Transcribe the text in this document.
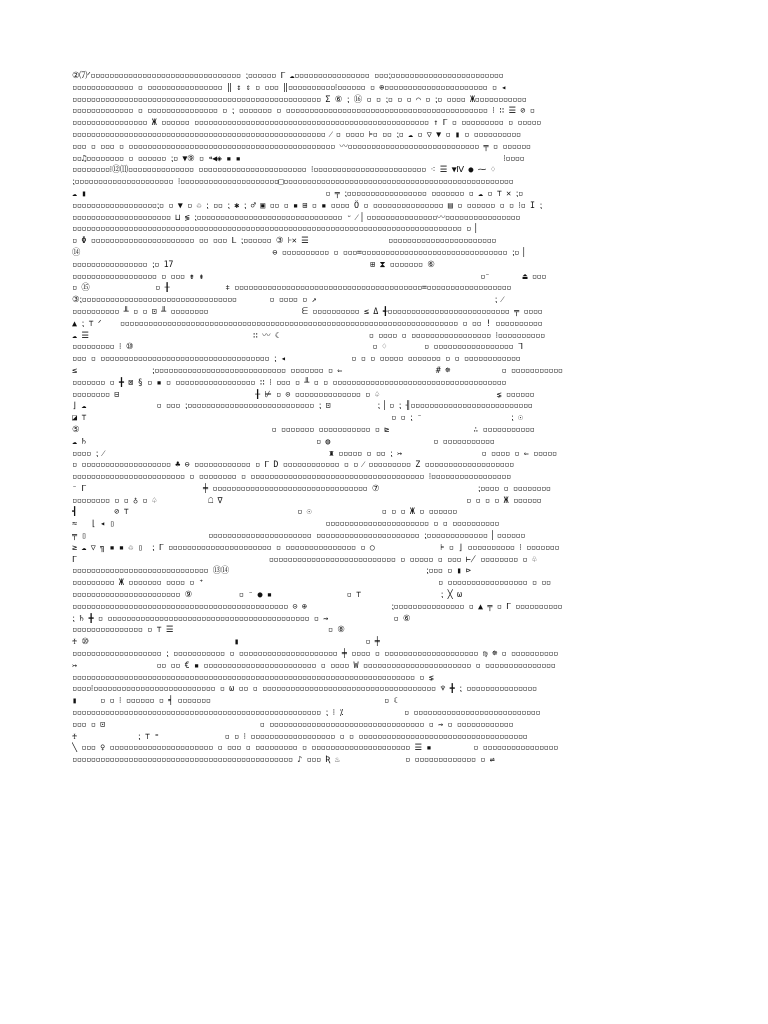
②⑺ᐟ▫▫▫▫▫▫▫▫▫▫▫▫▫▫▫▫▫▫▫▫▫▫▫▫▫▫▫▫▫▫▫▫ ⁏▫▫▫▫▫▫ ᒥ ☁▫▫▫▫▫▫▫▫▫▫▫▫▫▫▫▫ ▫▫▫⁏▫▫▫▫▫▫▫▫▫▫▫▫▫▫▫▫▫▫▫▫▫▫▫▫
▫▫▫▫▫▫▫▫▫▫▫▫▫ ▫ ▫▫▫▫▫▫▫▫▫▫▫▫▫▫▫▫ ‖ ↕ ⇕ ▫ ▫▫▫ ‖▫▫▫▫▫▫▫▫▫▫⁝▫▫▫▫▫▫ ▫ ⊕▫▫▫▫▫▫▫▫▫▫▫▫▫▫▫▫▫▫▫▫▫▫ ▫ ◂
▫▫▫▫▫▫▫▫▫▫▫▫▫▫▫▫▫▫▫▫▫▫▫▫▫▫▫▫▫▫▫▫▫▫▫▫▫▫▫▫▫▫▫▫▫▫▫▫▫▫▫▫▫ Σ ⑥ ⁏ ⑯ ▫ ▫ ⁏▫ ▫ ▫ ⌒ ▫ ⁏▫ ▫▫▫▫ Ж▫▫▫▫▫▫▫▫▫▫▫
▫▫▫▫▫▫▫▫▫▫▫▫▫ ▫ ▫▫▫▫▫▫▫▫▫▫▫▫▫▫▫ ▫ ⁏ ▫▫▫▫▫▫▫ ▫ ▫▫▫▫▫▫▫▫▫▫▫▫▫▫▫▫▫▫▫▫▫▫▫▫▫▫▫▫▫▫▫▫▫▫▫▫▫▫▫▫▫▫▫ ⁝ ∷ ☰ ⊘ ▫
▫▫▫▫▫▫▫▫▫▫▫▫▫▫▫▫ Ж ▫▫▫▫▫▫ ▫▫▫▫▫▫▫▫▫▫▫▫▫▫▫▫▫▫▫▫▫▫▫▫▫▫▫▫▫▫▫▫▫▫▫▫▫▫▫▫▫▫▫▫▫▫▫▫▫▫ ↑ ᒥ ▫ ▫▫▫▫▫▫▫▫▫ ▫ ▫▫▫▫▫
▫▫▫▫▫▫▫▫▫▫▫▫▫▫▫▫▫▫▫▫▫▫▫▫▫▫▫▫▫▫▫▫▫▫▫▫▫▫▫▫▫▫▫▫▫▫▫▫▫▫▫▫▫▫ ⁄ ▫ ▫▫▫▫ ⊧▫ ▫▫ ⁏▫ ☁ ▫ ▽ ▼ ▫ ▮ ▫ ▫▫▫▫▫▫▫▫▫▫
▫▫▫ ▫ ▫▫▫ ▫ ▫▫▫▫▫▫▫▫▫▫▫▫▫▫▫▫▫▫▫▫▫▫▫▫▫▫▫▫▫▫▫▫▫▫▫▫▫▫▫▫▫▫▫▫ 〰▫▫▫▫▫▫▫▫▫▫▫▫▫▫▫▫▫▫▫▫▫▫▫▫▫▫▫▫ ╤ ▫ ▫▫▫▫▫▫
▫▫♫▫▫▫▫▫▫▫▫ ▫ ▫▫▫▫▫▫ ⁏▫ ▼⑨ ▫ ⁌◀◈ ▪ ▪                                                        ⁝▫▫▫▫
▫▫▫▫▫▫▫▫⁝⑫⑾▫▫▫▫▫▫▫▫▫▫▫▫▫▫ ▫▫▫▫▫▫▫▫▫▫▫▫▫▫▫▫▫▫▫▫▫▫▫ ⁝▫▫▫▫▫▫▫▫▫▫▫▫▫▫▫▫▫▫▫▫▫▫▫▫ ⁖ ☰ ▼Ⅳ ● ⁓ ♢
⁏▫▫▫▫▫▫▫▫▫▫▫▫▫▫▫▫▫▫▫▫▫ ⁝▫▫▫▫▫▫▫▫▫▫▫▫▫▫▫▫▫▫▫▫▫□▫▫▫▫▫▫▫▫▫▫▫▫▫▫▫▫▫▫▫▫▫▫▫▫▫▫▫▫▫▫▫▫▫▫▫▫▫▫▫▫▫▫▫▫▫▫▫▫▫
☁ ▮                                                   ▫ ╤ ⁏▫▫▫▫▫▫▫▫▫▫▫▫▫▫▫▫▫ ▫▫▫▫▫▫▫ ▫ ☁ ▫ ⊤ ✕ ⁏▫
▫▫▫▫▫▫▫▫▫▫▫▫▫▫▫▫▫▫⁏▫ ▫ ▼ ▫ ♲ ⁏ ▫▫ ⁏ ✱ ⁏ ♂ ▣ ▫▫ ▫ ▪ ⊞ ▫ ▪ ▫▫▫▫ Ö ▫ ▫▫▫▫▫▫▫▫▫▫▫▫▫▫▫ ▤ ▫ ▫▫▫▫▫▫ ▫ ▫ ⁝▫ I ⁏
▫▫▫▫▫▫▫▫▫▫▫▫▫▫▫▫▫▫▫▫▫ ⊔ ≶ ⁏▫▫▫▫▫▫▫▫▫▫▫▫▫▫▫▫▫▫▫▫▫▫▫▫▫▫▫▫▫▫▫ ᵕ ⁄ ▏▫▫▫▫▫▫▫▫▫▫▫▫▫▫▫〰▫▫▫▫▫▫▫▫▫▫▫▫▫▫▫▫
▫▫▫▫▫▫▫▫▫▫▫▫▫▫▫▫▫▫▫▫▫▫▫▫▫▫▫▫▫▫▫▫▫▫▫▫▫▫▫▫▫▫▫▫▫▫▫▫▫▫▫▫▫▫▫▫▫▫▫▫▫▫▫▫▫▫▫▫▫▫▫▫▫▫▫▫▫▫▫▫▫▫▫ ▫ ▏
▫ Φ ▫▫▫▫▫▫▫▫▫▫▫▫▫▫▫▫▫▫▫▫▫▫ ▫▫ ▫▫▫ ᒪ ⁏▫▫▫▫▫▫ ③ ⊦✕ ☰                 ▫▫▫▫▫▫▫▫▫▫▫▫▫▫▫▫▫▫▫▫▫▫▫
⑭                                         ⊖ ▫▫▫▫▫▫▫▫▫▫ ▫ ▫▫▫=▫▫▫▫▫▫▫▫▫▫▫▫▫▫▫▫▫▫▫▫▫▫▫▫▫▫▫▫▫▫▫ ⁏▫ ▏
▫▫▫▫▫▫▫▫▫▫▫▫▫▫▫▫ ⁏▫ 17                                          ⊞ ⧗ ▫▫▫▫▫▫▫ ⑥
▫▫▫▫▫▫▫▫▫▫▫▫▫▫▫▫▫▫ ▫ ▫▫▫ ⇟ ⇞                                                           ▫⁻       ⏏ ▫▫▫
▫ ⑮              ▫ ╂            ⧧ ▫▫▫▫▫▫▫▫▫▫▫▫▫▫▫▫▫▫▫▫▫▫▫▫▫▫▫▫▫▫▫▫▫▫▫▫▫▫▫▫=▫▫▫▫▫▫▫▫▫▫▫▫▫▫▫▫▫▫
③⁏▫▫▫▫▫▫▫▫▫▫▫▫▫▫▫▫▫▫▫▫▫▫▫▫▫▫▫▫▫▫▫▫▫       ▫ ▫▫▫▫ ▫ ↗                                      ⁏ ⁄
▫▫▫▫▫▫▫▫▫▫ ╨ ▫ ▫ ⊡ ╨ ▫▫▫▫▫▫▫▫                    ᗴ ▫▫▫▫▫▫▫▫▫▫ ≤ Δ ╉▫▫▫▫▫▫▫▫▫▫▫▫▫▫▫▫▫▫▫▫▫▫▫▫▫▫ ╤ ▫▫▫▫
▲ ⁏ ⊤ ᐟ    ▫▫▫▫▫▫▫▫▫▫▫▫▫▫▫▫▫▫▫▫▫▫▫▫▫▫▫▫▫▫▫▫▫▫▫▫▫▫▫▫▫▫▫▫▫▫▫▫▫▫▫▫▫▫▫▫▫▫▫▫▫▫▫▫▫▫▫▫▫▫▫▫ ▫ ▫▫ ! ▫▫▫▫▫▫▫▫▫▫
☁ ☰                                   ∷ 〰 ☾                   ▫ ▫▫▫▫ ▫ ▫▫▫▫▫▫▫▫▫▫▫▫▫▫▫▫▫ ⁝▫▫▫▫▫▫▫▫▫▫
▫▫▫▫▫▫▫▫▫ ⁝ ⑩                                                   ▫ ♢        ▫ ▫▫▫▫▫▫▫▫▫▫▫▫▫▫▫▫▫ ᒣ
▫▫▫ ▫ ▫▫▫▫▫▫▫▫▫▫▫▫▫▫▫▫▫▫▫▫▫▫▫▫▫▫▫▫▫▫▫▫▫▫▫▫ ⁏ ◂              ▫ ▫ ▫ ▫▫▫▫▫ ▫▫▫▫▫▫▫ ▫ ▫ ▫▫▫▫▫▫▫▫▫▫▫▫
≤                ⁏▫▫▫▫▫▫▫▫▫▫▫▫▫▫▫▫▫▫▫▫▫▫▫▫▫▫▫▫ ▫▫▫▫▫▫▫ ▫ ⇐                    # ☸           ▫ ▫▫▫▫▫▫▫▫▫▫▫
▫▫▫▫▫▫▫ ▫ ╋ ⊠ § ▫ ▪ ▫ ▫▫▫▫▫▫▫▫▫▫▫▫▫▫▫▫▫ ∷ ⁝ ▫▫▫ ▫ ╨ ▫ ▫ ▫▫▫▫▫▫▫▫▫▫▫▫▫▫▫▫▫▫▫▫▫▫▫▫▫▫▫▫▫▫▫▫▫▫▫▫▫
▫▫▫▫▫▫▫▫ ⊟                             ╂ ⊭ ▫ ⊙ ▫▫▫▫▫▫▫▫▫▫▫▫▫▫ ▫ ♤                         ⋦ ▫▫▫▫▫▫
⌋ ☁               ▫ ▫▫▫ ⁏▫▫▫▫▫▫▫▫▫▫▫▫▫▫▫▫▫▫▫▫▫▫▫▫▫▫▫ ⁏ ⊡          ⁏ ▏▫ ⁏ ╢▫▫▫▫▫▫▫▫▫▫▫▫▫▫▫▫▫▫▫▫▫▫▫▫▫▫
◪ ⊤                                                                 ▫ ▫ ⁏ ⁻                   ⁏ ☉
⑤                                         ▫ ▫▫▫▫▫▫▫ ▫▫▫▫▫▫▫▫▫▫▫ ▫ ⊵                  ∴ ▫▫▫▫▫▫▫▫▫▫▫
☁ ♄                                                 ▫ ◍                      ▫ ▫▫▫▫▫▫▫▫▫▫▫
▫▫▫▫ ⁏ ⁄                                                ♜ ▫▫▫▫▫ ▫ ▫▫ ⁏ ↣                 ▫ ▫▫▫▫ ▫ ⇐ ▫▫▫▫▫
▫ ▫▫▫▫▫▫▫▫▫▫▫▫▫▫▫▫▫▫▫ ♣ ⊖ ▫▫▫▫▫▫▫▫▫▫▫▫ ▫ ᒥ D ▫▫▫▫▫▫▫▫▫▫▫▫ ▫ ▫ ⁄ ▫▫▫▫▫▫▫▫▫ Z ▫▫▫▫▫▫▫▫▫▫▫▫▫▫▫▫▫▫▫
▫▫▫▫▫▫▫▫▫▫▫▫▫▫▫▫▫▫▫▫▫▫▫▫ ▫ ▫▫▫▫▫▫▫▫ ▫ ▫▫▫▫▫▫▫▫▫▫▫▫▫▫▫▫▫▫▫▫▫▫▫▫▫▫▫▫▫▫▫▫▫▫▫▫▫ ⁝▫▫▫▫▫▫▫▫▫▫▫▫▫▫▫▫▫
⁻ ᒥ                         ╪ ▫▫▫▫▫▫▫▫▫▫▫▫▫▫▫▫▫▫▫▫▫▫▫▫▫▫▫▫▫▫▫▫▫ ⑦                     ⁏▫▫▫▫ ▫ ▫▫▫▫▫▫▫▫
▫▫▫▫▫▫▫▫ ▫ ▫ ♁ ▫ ♤           ☖ ∇                                                    ▫ ▫ ▫ ▫ Ж ▫▫▫▫▫▫
┫        ⊘ ⊤                                    ▫ ☉               ▫ ▫ ▫ Ж ▫ ▫▫▫▫▫▫
≈   ⌊ ◂ ▯                                             ▫▫▫▫▫▫▫▫▫▫▫▫▫▫▫▫▫▫▫▫▫▫ ▫ ▫ ▫▫▫▫▫▫▫▫▫▫
╤ ▯                          ▫▫▫▫▫▫▫▫▫▫▫▫▫▫▫▫▫▫▫▫▫▫ ▫▫▫▫▫▫▫▫▫▫▫▫▫▫▫▫▫▫▫▫▫▫ ⁏▫▫▫▫▫▫▫▫▫▫▫▫▫ ▏▫▫▫▫▫▫
≥ ☁ ▽ ╗ ▪ ▪ ♲ ▯  ⁏ ᒥ ▫▫▫▫▫▫▫▫▫▫▫▫▫▫▫▫▫▫▫▫▫▫ ▫ ▫▫▫▫▫▫▫▫▫▫▫▫▫▫▫ ▫ ○              ⊧ ▫ ⌋ ▫▫▫▫▫▫▫▫▫▫ ⁝ ▫▫▫▫▫▫▫
ᒥ                                         ▫▫▫▫▫▫▫▫▫▫▫▫▫▫▫▫▫▫▫▫▫▫▫▫▫▫▫ ▫ ▫▫▫▫▫ ▫ ▫▫▫ ⊬ ▫▫▫▫▫▫▫▫ ▫ ♧
▫▫▫▫▫▫▫▫▫▫▫▫▫▫▫▫▫▫▫▫▫▫▫▫▫▫▫▫▫ ⑬⑭                                          ⁏▫▫▫ ▫ ▮ ⊳
▫▫▫▫▫▫▫▫▫ Ж ▫▫▫▫▫▫▫ ▫▫▫▫ ▫ ⁺                                                  ▫ ▫▫▫▫▫▫▫▫▫▫▫▫▫▫▫▫▫ ▫ ▫▫
▫▫▫▫▫▫▫▫▫▫▫▫▫▫▫▫▫▫▫▫▫▫▫ ⑨          ▫ ⁻ ● ▪                ▫ ⊤                 ⁏ ╳ ω
▫▫▫▫▫▫▫▫▫▫▫▫▫▫▫▫▫▫▫▫▫▫▫▫▫▫▫▫▫▫▫▫▫▫▫▫▫▫▫▫▫▫▫▫▫▫ ⊝ ⊕                  ⁏▫▫▫▫▫▫▫▫▫▫▫▫▫▫▫ ▫ ▲ ╤ ▫ ᒥ ▫▫▫▫▫▫▫▫▫▫
⁏ ♄ ╋ ▫ ▫▫▫▫▫▫▫▫▫▫▫▫▫▫▫▫▫▫▫▫▫▫▫▫▫▫▫▫▫▫▫▫▫▫▫▫▫▫▫▫▫▫▫ ▫ ⇝              ▫ ⑥
▫▫▫▫▫▫▫▫▫▫▫▫▫▫▫ ▫ ⊤ ☰                                 ▫ ⑧
♰ ⑩                               ▮                           ▫ ╪
▫▫▫▫▫▫▫▫▫▫▫▫▫▫▫▫▫▫▫ ⁏ ▫▫▫▫▫▫▫▫▫▫▫ ▫ ▫▫▫▫▫▫▫▫▫▫▫▫▫▫▫▫▫▫▫▫▫ ╪ ▫▫▫▫ ▫ ▫▫▫▫▫▫▫▫▫▫▫▫▫▫▫▫▫▫▫▫ ♍ ☸ ▫ ▫▫▫▫▫▫▫▫▫▫
↣                 ▫▫ ▫▫ € ▪ ▫▫▫▫▫▫▫▫▫▫▫▫▫▫▫▫▫▫▫▫▫▫▫▫ ▫ ▫▫▫▫ W ▫▫▫▫▫▫▫▫▫▫▫▫▫▫▫▫▫▫▫▫▫▫▫ ▫ ▫▫▫▫▫▫▫▫▫▫▫▫▫▫▫
▫▫▫▫▫▫▫▫▫▫▫▫▫▫▫▫▫▫▫▫▫▫▫▫▫▫▫▫▫▫▫▫▫▫▫▫▫▫▫▫▫▫▫▫▫▫▫▫▫▫▫▫▫▫▫▫▫▫▫▫▫▫▫▫▫▫▫▫▫▫▫▫▫ ▫ ⋦
▫▫▫▫⁝▫▫▫▫▫▫▫▫▫▫▫▫▫▫▫▫▫▫▫▫▫▫▫▫▫▫ ▫ ω ▫▫ ▫ ▫▫▫▫▫▫▫▫▫▫▫▫▫▫▫▫▫▫▫▫▫▫▫▫▫▫▫▫▫▫▫▫▫▫▫▫▫ ♆ ╋ ⁏ ▫▫▫▫▫▫▫▫▫▫▫▫▫▫▫
▮     ▫ ▫ ⁝ ▫▫▫▫▫▫ ▫ ╡ ▫▫▫▫▫▫▫                                     ▫ ☾
▫▫▫▫▫▫▫▫▫▫▫▫▫▫▫▫▫▫▫▫▫▫▫▫▫▫▫▫▫▫▫▫▫▫▫▫▫▫▫▫▫▫▫▫▫▫▫▫▫▫▫▫▫ ⁏ ⁝ ⁒             ▫ ▫▫▫▫▫▫▫▫▫▫▫▫▫▫▫▫▫▫▫▫▫▫▫▫▫▫▫
▫▫▫ ▫ ⊡                                 ▫ ▫▫▫▫▫▫▫▫▫▫▫▫▫▫▫▫▫▫▫▫▫▫▫▫▫▫▫▫▫▫▫▫▫ ▫ ⇝ ▫ ▫▫▫▫▫▫▫▫▫▫▫▫
♰             ⁏ ⊤ ⁼              ▫ ▫ ⁝ ▫▫▫▫▫▫▫▫▫▫▫▫▫▫▫▫▫▫ ▫ ▫ ▫▫▫▫▫▫▫▫▫▫▫▫▫▫▫▫▫▫▫▫▫▫▫▫▫▫▫▫▫▫▫▫▫▫▫▫
╲ ▫▫▫ ♀ ▫▫▫▫▫▫▫▫▫▫▫▫▫▫▫▫▫▫▫▫▫▫ ▫ ▫▫▫ ▫ ▫▫▫▫▫▫▫▫▫ ▫ ▫▫▫▫▫▫▫▫▫▫▫▫▫▫▫▫▫▫▫▫▫ ☰ ▪         ▫ ▫▫▫▫▫▫▫▫▫▫▫▫▫▫▫▫
▫▫▫▫▫▫▫▫▫▫▫▫▫▫▫▫▫▫▫▫▫▫▫▫▫▫▫▫▫▫▫▫▫▫▫▫▫▫▫▫▫▫▫▫▫▫▫ ♪ ▫▫▫ Ʀ ♨              ▫ ▫▫▫▫▫▫▫▫▫▫▫▫▫ ▫ ⇌
